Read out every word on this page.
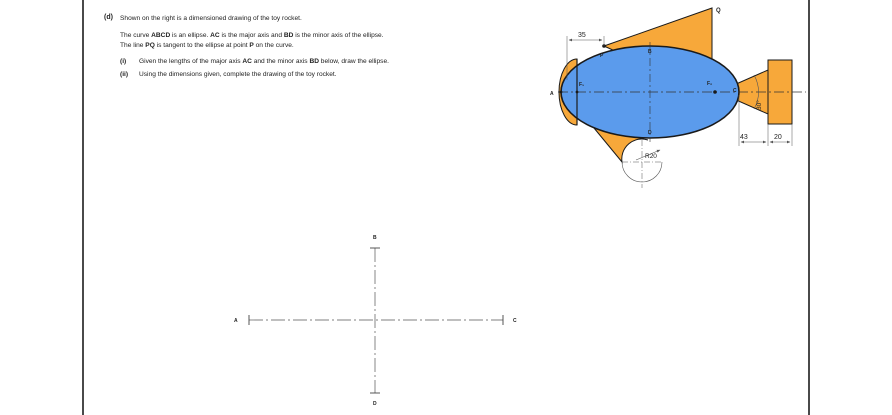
(d) Shown on the right is a dimensioned drawing of the toy rocket.
The curve ABCD is an ellipse. AC is the major axis and BD is the minor axis of the ellipse.
The line PQ is tangent to the ellipse at point P on the curve.
(i) Given the lengths of the major axis AC and the minor axis BD below, draw the ellipse.
(ii) Using the dimensions given, complete the drawing of the toy rocket.
Q
P
B
A
F₁	F₂
C
D
35
R20
43	20
30°
A	C
B
D
